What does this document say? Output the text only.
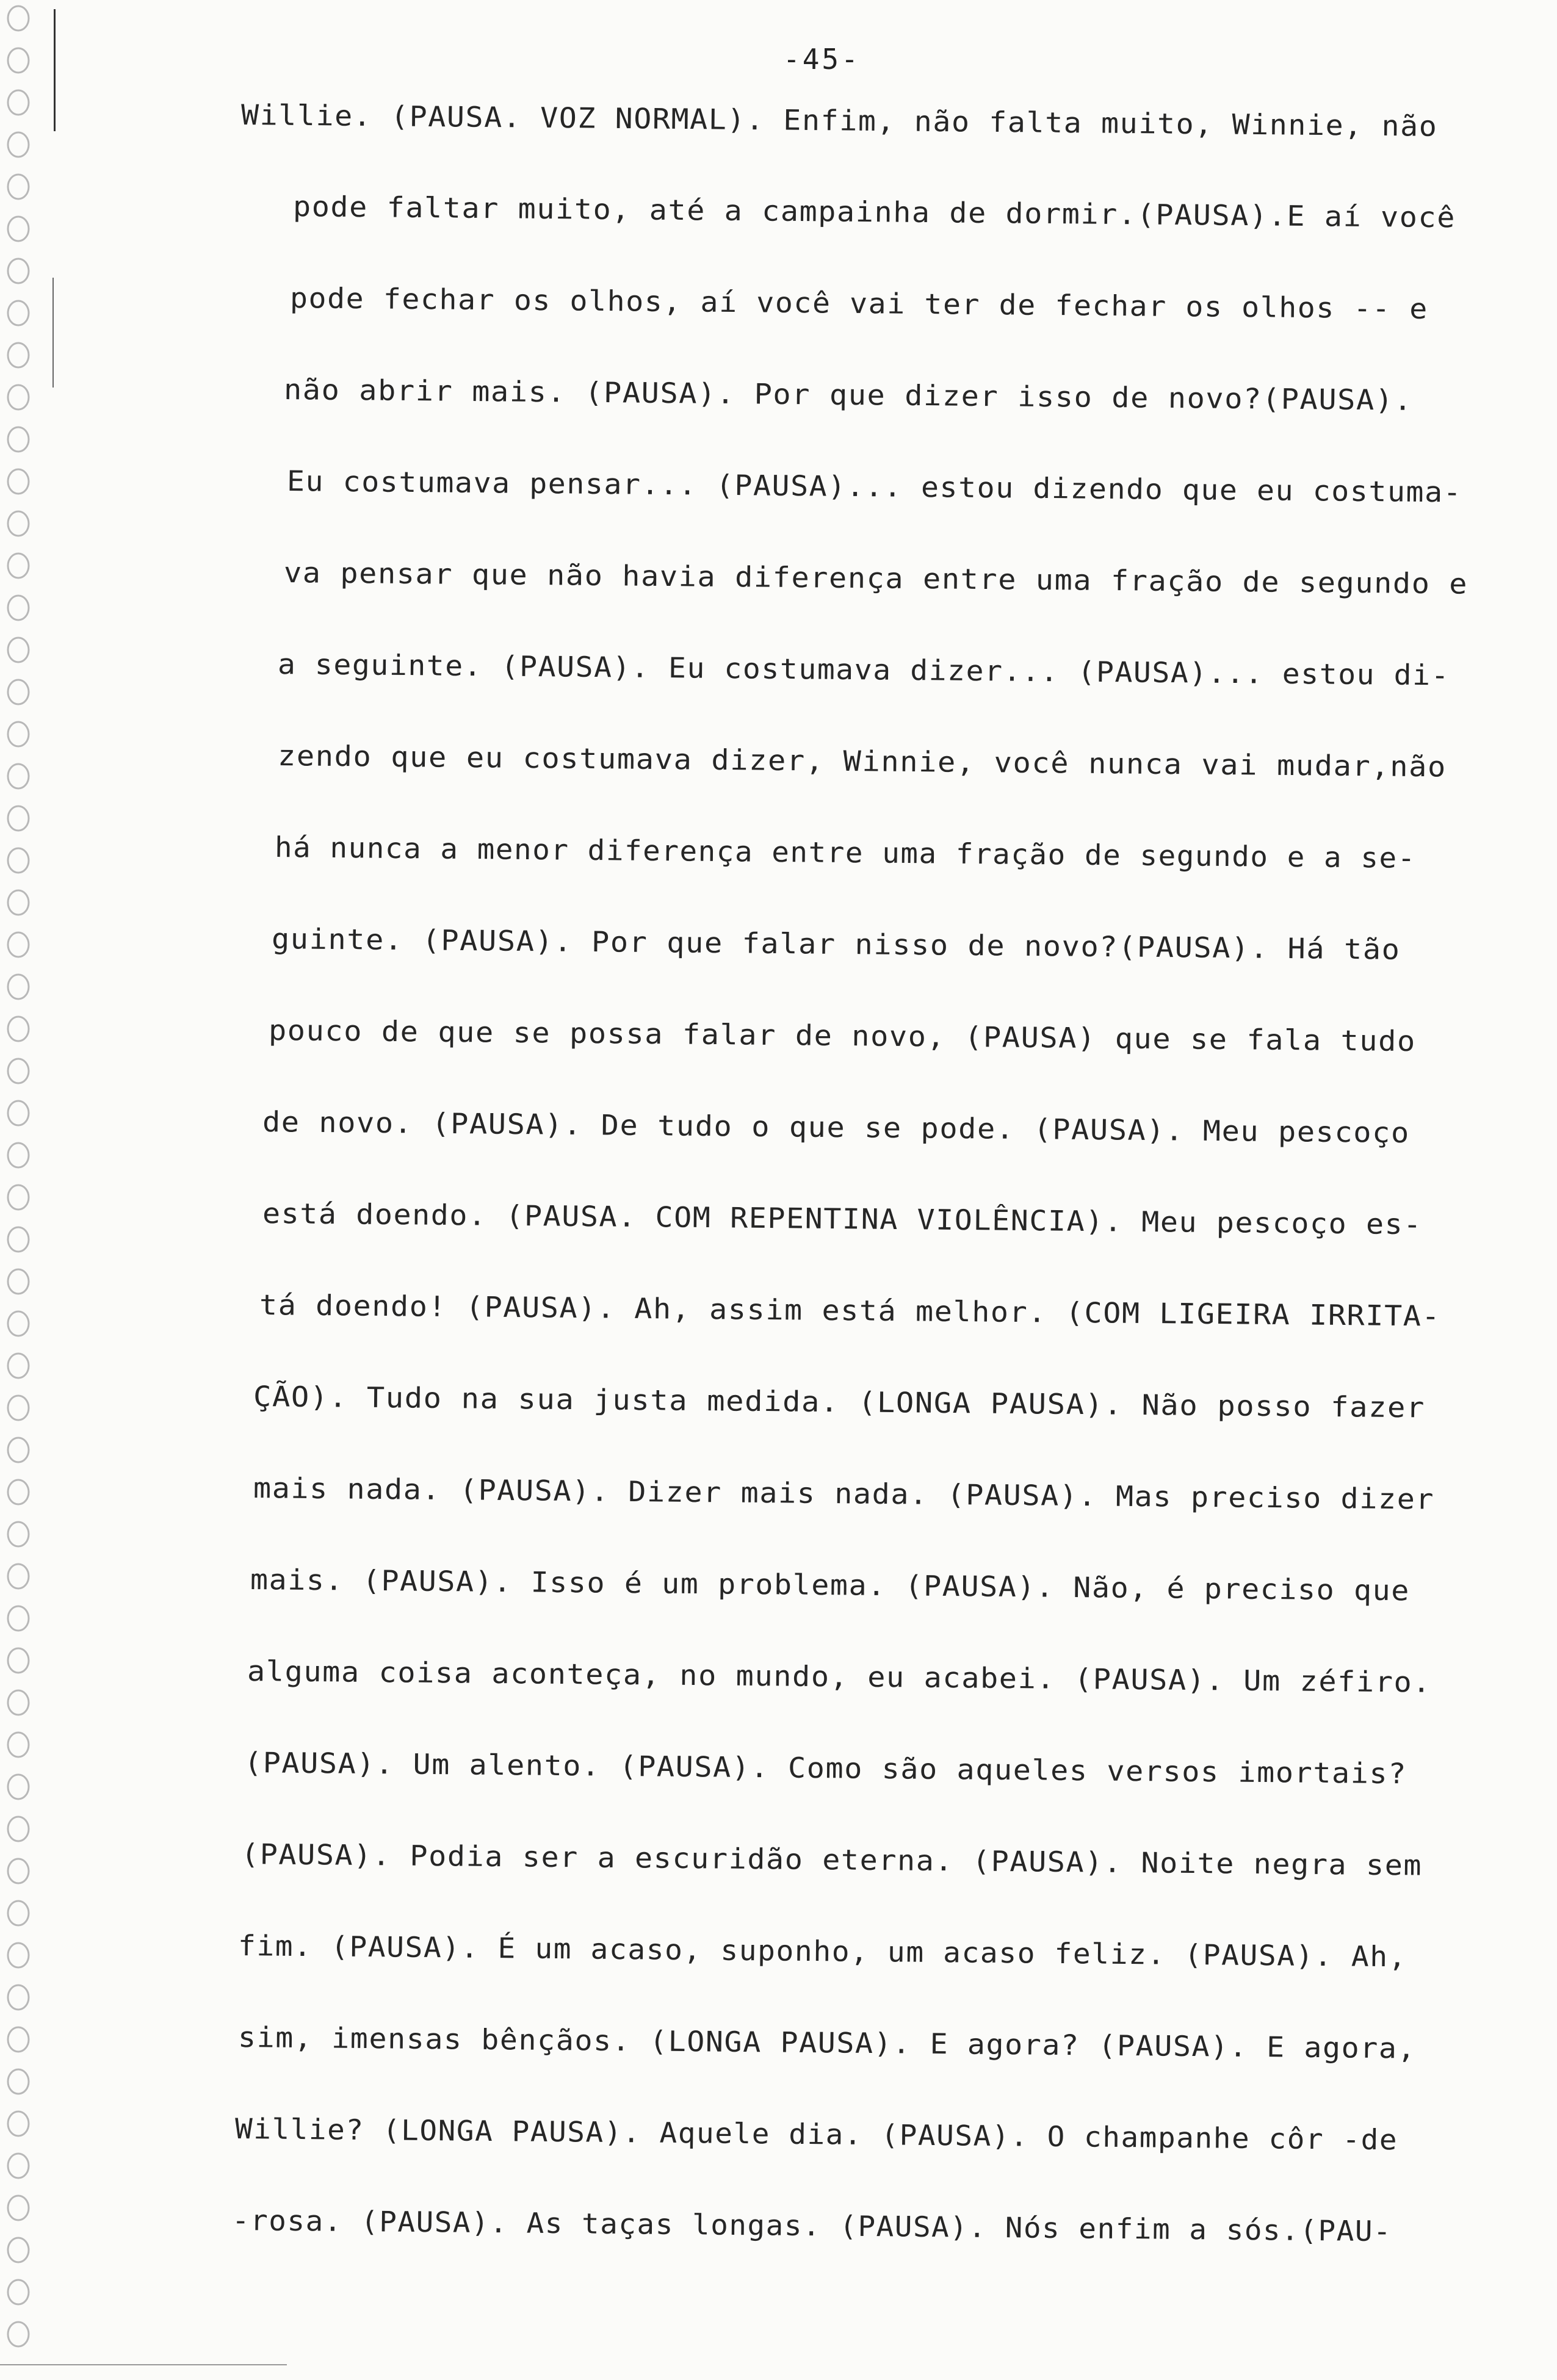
-45-
Willie. (PAUSA. VOZ NORMAL). Enfim, não falta muito, Winnie, não
pode faltar muito, até a campainha de dormir.(PAUSA).E aí você
pode fechar os olhos, aí você vai ter de fechar os olhos -- e
não abrir mais. (PAUSA). Por que dizer isso de novo?(PAUSA).
Eu costumava pensar... (PAUSA)... estou dizendo que eu costuma-
va pensar que não havia diferença entre uma fração de segundo e
a seguinte. (PAUSA). Eu costumava dizer... (PAUSA)... estou di-
zendo que eu costumava dizer, Winnie, você nunca vai mudar,não
há nunca a menor diferença entre uma fração de segundo e a se-
guinte. (PAUSA). Por que falar nisso de novo?(PAUSA). Há tão
pouco de que se possa falar de novo, (PAUSA) que se fala tudo
de novo. (PAUSA). De tudo o que se pode. (PAUSA). Meu pescoço
está doendo. (PAUSA. COM REPENTINA VIOLÊNCIA). Meu pescoço es-
tá doendo! (PAUSA). Ah, assim está melhor. (COM LIGEIRA IRRITA-
ÇÃO). Tudo na sua justa medida. (LONGA PAUSA). Não posso fazer
mais nada. (PAUSA). Dizer mais nada. (PAUSA). Mas preciso dizer
mais. (PAUSA). Isso é um problema. (PAUSA). Não, é preciso que
alguma coisa aconteça, no mundo, eu acabei. (PAUSA). Um zéfiro.
(PAUSA). Um alento. (PAUSA). Como são aqueles versos imortais?
(PAUSA). Podia ser a escuridão eterna. (PAUSA). Noite negra sem
fim. (PAUSA). É um acaso, suponho, um acaso feliz. (PAUSA). Ah,
sim, imensas bênçãos. (LONGA PAUSA). E agora? (PAUSA). E agora,
Willie? (LONGA PAUSA). Aquele dia. (PAUSA). O champanhe côr -de
-rosa. (PAUSA). As taças longas. (PAUSA). Nós enfim a sós.(PAU-
